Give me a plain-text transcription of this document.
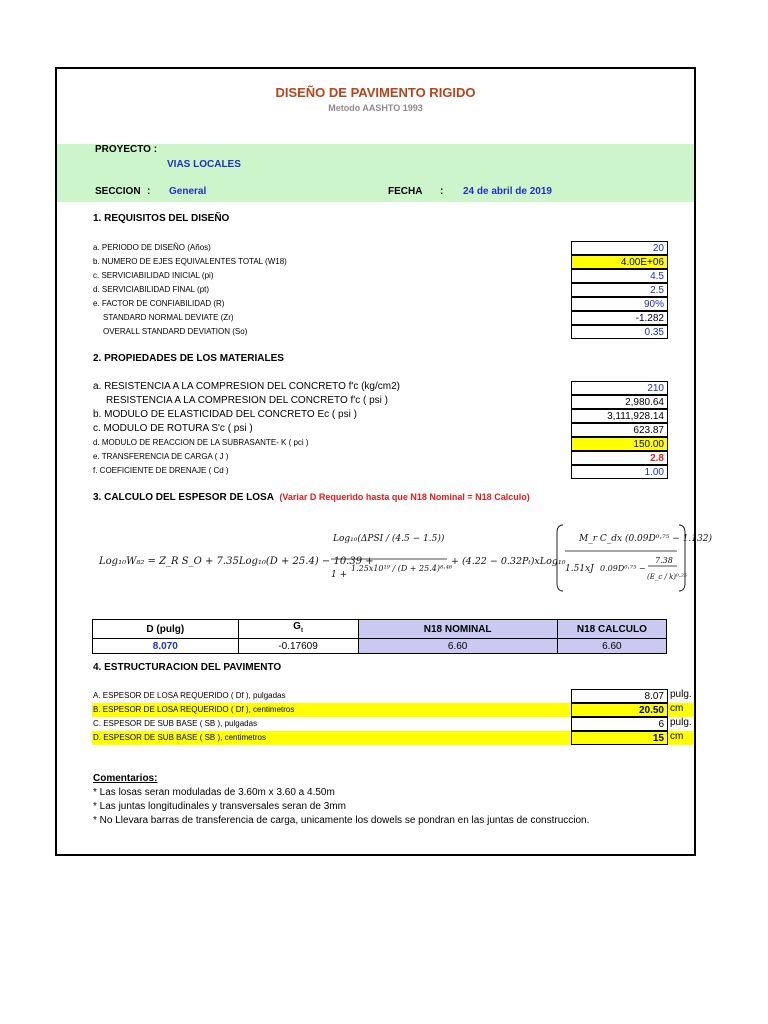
DISEÑO DE PAVIMENTO RIGIDO
Metodo AASHTO 1993
PROYECTO :
VIAS LOCALES
SECCION : General	FECHA : 24 de abril de 2019
1. REQUISITOS DEL DISEÑO
a. PERIODO DE DISEÑO (Años)	20
b. NUMERO DE EJES EQUIVALENTES TOTAL (W18)	4.00E+06
c. SERVICIABILIDAD INICIAL (pi)	4.5
d. SERVICIABILIDAD FINAL (pt)	2.5
e. FACTOR DE CONFIABILIDAD (R)	90%
STANDARD NORMAL DEVIATE (Zr)	-1.282
OVERALL STANDARD DEVIATION (So)	0.35
2. PROPIEDADES DE LOS MATERIALES
a. RESISTENCIA A LA COMPRESION DEL CONCRETO f'c (kg/cm2)	210
RESISTENCIA A LA COMPRESION DEL CONCRETO f'c ( psi )	2,980.64
b. MODULO DE ELASTICIDAD DEL CONCRETO Ec ( psi )	3,111,928.14
c. MODULO DE ROTURA S'c ( psi )	623.87
d. MODULO DE REACCION DE LA SUBRASANTE- K ( pci )	150.00
e. TRANSFERENCIA DE CARGA ( J )	2.8
f. COEFICIENTE DE DRENAJE ( Cd )	1.00
3. CALCULO DEL ESPESOR DE LOSA (Variar D Requerido hasta que N18 Nominal = N18 Calculo)
Log₁₀W₈₂ = Z_R S_O + 7.35Log₁₀(D + 25.4) − 10.39 +
Log₁₀(ΔPSI / (4.5 − 1.5))
1 +
1.25x10¹⁹ / (D + 25.4)⁸·⁴⁶
+ (4.22 − 0.32Pₜ)xLog₁₀
M_r C_dx (0.09D⁰·⁷⁵ − 1.132)
1.51xJ 0.09D⁰·⁷⁵ −
7.38
(E_c / k)⁰·²⁵
D (pulg)	$G_t$	N18 NOMINAL	N18 CALCULO
8.070	-0.17609	6.60	6.60
4. ESTRUCTURACION DEL PAVIMENTO
A. ESPESOR DE LOSA REQUERIDO ( Df ), pulgadas	8.07 pulg.
B. ESPESOR DE LOSA REQUERIDO ( Df ), centimetros	20.50 cm
C. ESPESOR DE SUB BASE ( SB ), pulgadas	6 pulg.
D. ESPESOR DE SUB BASE ( SB ), centimetros	15 cm
Comentarios:
* Las losas seran moduladas de 3.60m x 3.60 a 4.50m
* Las juntas longitudinales y transversales seran de 3mm
* No Llevara barras de transferencia de carga, unicamente los dowels se pondran en las juntas de construccion.
